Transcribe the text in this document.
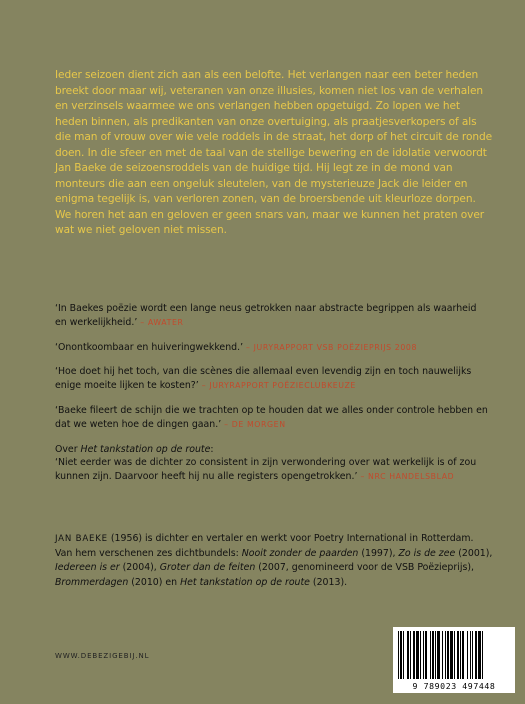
Ieder seizoen dient zich aan als een belofte. Het verlangen naar een beter heden
breekt door maar wij, veteranen van onze illusies, komen niet los van de verhalen
en verzinsels waarmee we ons verlangen hebben opgetuigd. Zo lopen we het
heden binnen, als predikanten van onze overtuiging, als praatjesverkopers of als
die man of vrouw over wie vele roddels in de straat, het dorp of het circuit de ronde
doen. In die sfeer en met de taal van de stellige bewering en de idolatie verwoordt
Jan Baeke de seizoensroddels van de huidige tijd. Hij legt ze in de mond van
monteurs die aan een ongeluk sleutelen, van de mysterieuze Jack die leider en
enigma tegelijk is, van verloren zonen, van de broersbende uit kleurloze dorpen.
We horen het aan en geloven er geen snars van, maar we kunnen het praten over
wat we niet geloven niet missen.
‘In Baekes poëzie wordt een lange neus getrokken naar abstracte begrippen als waarheid
en werkelijkheid.’ – AWATER
‘Onontkoombaar en huiveringwekkend.’ – JURYRAPPORT VSB POËZIEPRIJS 2008
‘Hoe doet hij het toch, van die scènes die allemaal even levendig zijn en toch nauwelijks
enige moeite lijken te kosten?’ – JURYRAPPORT POËZIECLUBKEUZE
‘Baeke fileert de schijn die we trachten op te houden dat we alles onder controle hebben en
dat we weten hoe de dingen gaan.’ – DE MORGEN
Over Het tankstation op de route:
‘Niet eerder was de dichter zo consistent in zijn verwondering over wat werkelijk is of zou
kunnen zijn. Daarvoor heeft hij nu alle registers opengetrokken.’ – NRC HANDELSBLAD
JAN BAEKE (1956) is dichter en vertaler en werkt voor Poetry International in Rotterdam.
Van hem verschenen zes dichtbundels: Nooit zonder de paarden (1997), Zo is de zee (2001),
Iedereen is er (2004), Groter dan de feiten (2007, genomineerd voor de VSB Poëzieprijs),
Brommerdagen (2010) en Het tankstation op de route (2013).
WWW.DEBEZIGEBIJ.NL
9 789023 497448
